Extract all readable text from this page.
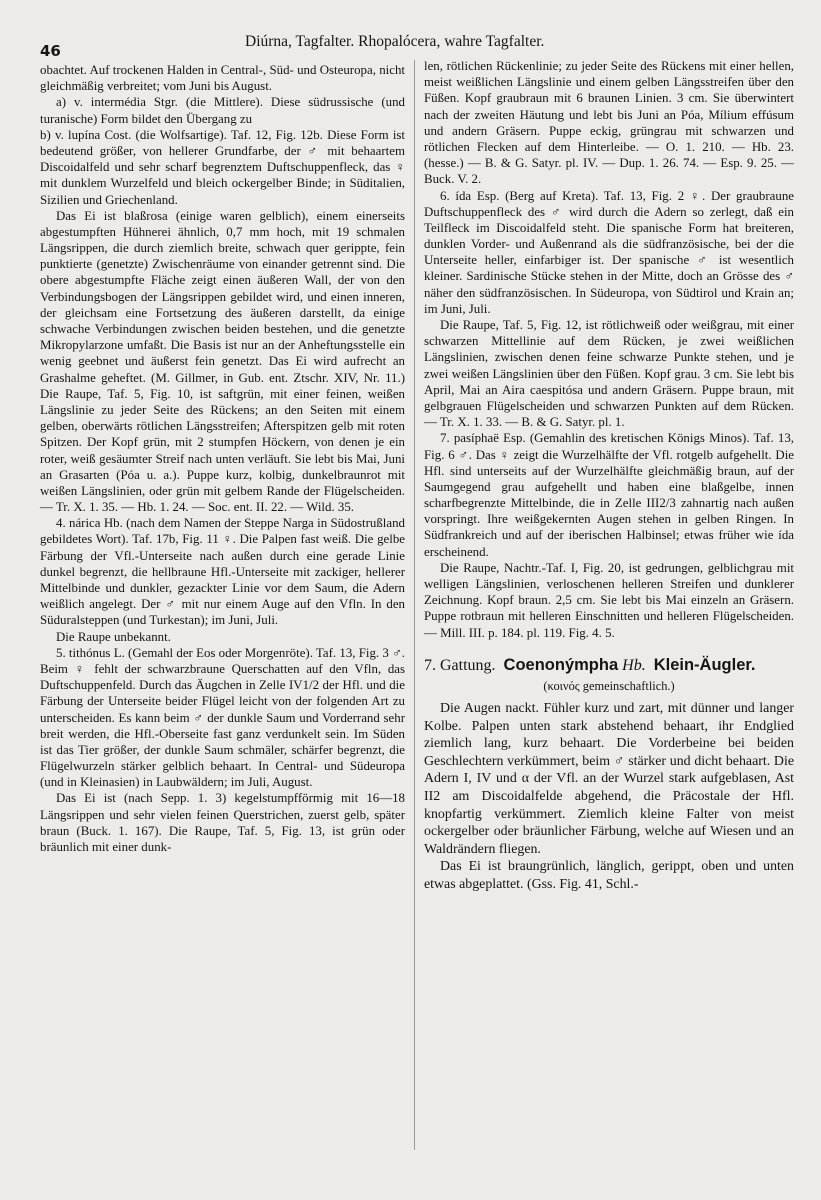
46
Diúrna, Tagfalter. Rhopalócera, wahre Tagfalter.

obachtet. Auf trockenen Halden in Central-, Süd- und Osteuropa, nicht gleichmäßig verbreitet; vom Juni bis August.

a) v. intermédia Stgr. (die Mittlere). Diese südrussische (und turanische) Form bildet den Übergang zu

b) v. lupína Cost. (die Wolfsartige). Taf. 12, Fig. 12b. Diese Form ist bedeutend größer, von hellerer Grundfarbe, der ♂ mit behaartem Discoidalfeld und sehr scharf begrenztem Duftschuppenfleck, das ♀ mit dunklem Wurzelfeld und bleich ockergelber Binde; in Süditalien, Sizilien und Griechenland.

Das Ei ist blaßrosa (einige waren gelblich), einem einerseits abgestumpften Hühnerei ähnlich, 0,7 mm hoch, mit 19 schmalen Längsrippen, die durch ziemlich breite, schwach quer gerippte, fein punktierte (genetzte) Zwischenräume von einander getrennt sind. Die obere abgestumpfte Fläche zeigt einen äußeren Wall, der von den Verbindungsbogen der Längsrippen gebildet wird, und einen inneren, der gleichsam eine Fortsetzung des äußeren darstellt, da einige schwache Verbindungen zwischen beiden bestehen, und die genetzte Mikropylarzone umfaßt. Die Basis ist nur an der Anheftungsstelle ein wenig geebnet und äußerst fein genetzt. Das Ei wird aufrecht an Grashalme geheftet. (M. Gillmer, in Gub. ent. Ztschr. XIV, Nr. 11.) Die Raupe, Taf. 5, Fig. 10, ist saftgrün, mit einer feinen, weißen Längslinie zu jeder Seite des Rückens; an den Seiten mit einem gelben, oberwärts rötlichen Längsstreifen; Afterspitzen gelb mit roten Spitzen. Der Kopf grün, mit 2 stumpfen Höckern, von denen je ein roter, weiß gesäumter Streif nach unten verläuft. Sie lebt bis Mai, Juni an Grasarten (Póa u. a.). Puppe kurz, kolbig, dunkelbraunrot mit weißen Längslinien, oder grün mit gelbem Rande der Flügelscheiden. — Tr. X. 1. 35. — Hb. 1. 24. — Soc. ent. II. 22. — Wild. 35.

4. nárica Hb. (nach dem Namen der Steppe Narga in Südostrußland gebildetes Wort). Taf. 17b, Fig. 11 ♀. Die Palpen fast weiß. Die gelbe Färbung der Vfl.-Unterseite nach außen durch eine gerade Linie dunkel begrenzt, die hellbraune Hfl.-Unterseite mit zackiger, hellerer Mittelbinde und dunkler, gezackter Linie vor dem Saum, die Adern weißlich angelegt. Der ♂ mit nur einem Auge auf den Vfln. In den Süduralsteppen (und Turkestan); im Juni, Juli.

Die Raupe unbekannt.

5. tithónus L. (Gemahl der Eos oder Morgenröte). Taf. 13, Fig. 3 ♂. Beim ♀ fehlt der schwarzbraune Querschatten auf den Vfln, das Duftschuppenfeld. Durch das Äugchen in Zelle IV1/2 der Hfl. und die Färbung der Unterseite beider Flügel leicht von der folgenden Art zu unterscheiden. Es kann beim ♂ der dunkle Saum und Vorderrand sehr breit werden, die Hfl.-Oberseite fast ganz verdunkelt sein. Im Süden ist das Tier größer, der dunkle Saum schmäler, schärfer begrenzt, die Flügelwurzeln stärker gelblich behaart. In Central- und Südeuropa (und in Kleinasien) in Laubwäldern; im Juli, August.

Das Ei ist (nach Sepp. 1. 3) kegelstumpfförmig mit 16—18 Längsrippen und sehr vielen feinen Querstrichen, zuerst gelb, später braun (Buck. 1. 167). Die Raupe, Taf. 5, Fig. 13, ist grün oder bräunlich mit einer dunk-

len, rötlichen Rückenlinie; zu jeder Seite des Rückens mit einer hellen, meist weißlichen Längslinie und einem gelben Längsstreifen über den Füßen. Kopf graubraun mit 6 braunen Linien. 3 cm. Sie überwintert nach der zweiten Häutung und lebt bis Juni an Póa, Mílium effúsum und andern Gräsern. Puppe eckig, grüngrau mit schwarzen und rötlichen Flecken auf dem Hinterleibe. — O. 1. 210. — Hb. 23. (hesse.) — B. & G. Satyr. pl. IV. — Dup. 1. 26. 74. — Esp. 9. 25. — Buck. V. 2.

6. ída Esp. (Berg auf Kreta). Taf. 13, Fig. 2 ♀. Der graubraune Duftschuppenfleck des ♂ wird durch die Adern so zerlegt, daß ein Teilfleck im Discoidalfeld steht. Die spanische Form hat breiteren, dunklen Vorder- und Außenrand als die südfranzösische, bei der die Unterseite heller, einfarbiger ist. Der spanische ♂ ist wesentlich kleiner. Sardinische Stücke stehen in der Mitte, doch an Grösse des ♂ näher den südfranzösischen. In Südeuropa, von Südtirol und Krain an; im Juni, Juli.

Die Raupe, Taf. 5, Fig. 12, ist rötlichweiß oder weißgrau, mit einer schwarzen Mittellinie auf dem Rücken, je zwei weißlichen Längslinien, zwischen denen feine schwarze Punkte stehen, und je zwei weißen Längslinien über den Füßen. Kopf grau. 3 cm. Sie lebt bis April, Mai an Aira caespitósa und andern Gräsern. Puppe braun, mit gelbgrauen Flügelscheiden und schwarzen Punkten auf dem Rücken. — Tr. X. 1. 33. — B. & G. Satyr. pl. 1.

7. pasíphaë Esp. (Gemahlin des kretischen Königs Minos). Taf. 13, Fig. 6 ♂. Das ♀ zeigt die Wurzelhälfte der Vfl. rotgelb aufgehellt. Die Hfl. sind unterseits auf der Wurzelhälfte gleichmäßig braun, auf der Saumgegend grau aufgehellt und haben eine blaßgelbe, innen scharfbegrenzte Mittelbinde, die in Zelle III2/3 zahnartig nach außen vorspringt. Ihre weißgekernten Augen stehen in gelben Ringen. In Südfrankreich und auf der iberischen Halbinsel; etwas früher wie ída erscheinend.

Die Raupe, Nachtr.-Taf. I, Fig. 20, ist gedrungen, gelblichgrau mit welligen Längslinien, verloschenen helleren Streifen und dunklerer Zeichnung. Kopf braun. 2,5 cm. Sie lebt bis Mai einzeln an Gräsern. Puppe rotbraun mit helleren Einschnitten und helleren Flügelscheiden. — Mill. III. p. 184. pl. 119. Fig. 4. 5.

7. Gattung. Coenonýmpha Hb. Klein-Äugler.
(κοινός gemeinschaftlich.)

Die Augen nackt. Fühler kurz und zart, mit dünner und langer Kolbe. Palpen unten stark abstehend behaart, ihr Endglied ziemlich lang, kurz behaart. Die Vorderbeine bei beiden Geschlechtern verkümmert, beim ♂ stärker und dicht behaart. Die Adern I, IV und α der Vfl. an der Wurzel stark aufgeblasen, Ast II2 am Discoidalfelde abgehend, die Präcostale der Hfl. knopfartig verkümmert. Ziemlich kleine Falter von meist ockergelber oder bräunlicher Färbung, welche auf Wiesen und an Waldrändern fliegen.

Das Ei ist braungrünlich, länglich, gerippt, oben und unten etwas abgeplattet. (Gss. Fig. 41, Schl.-
